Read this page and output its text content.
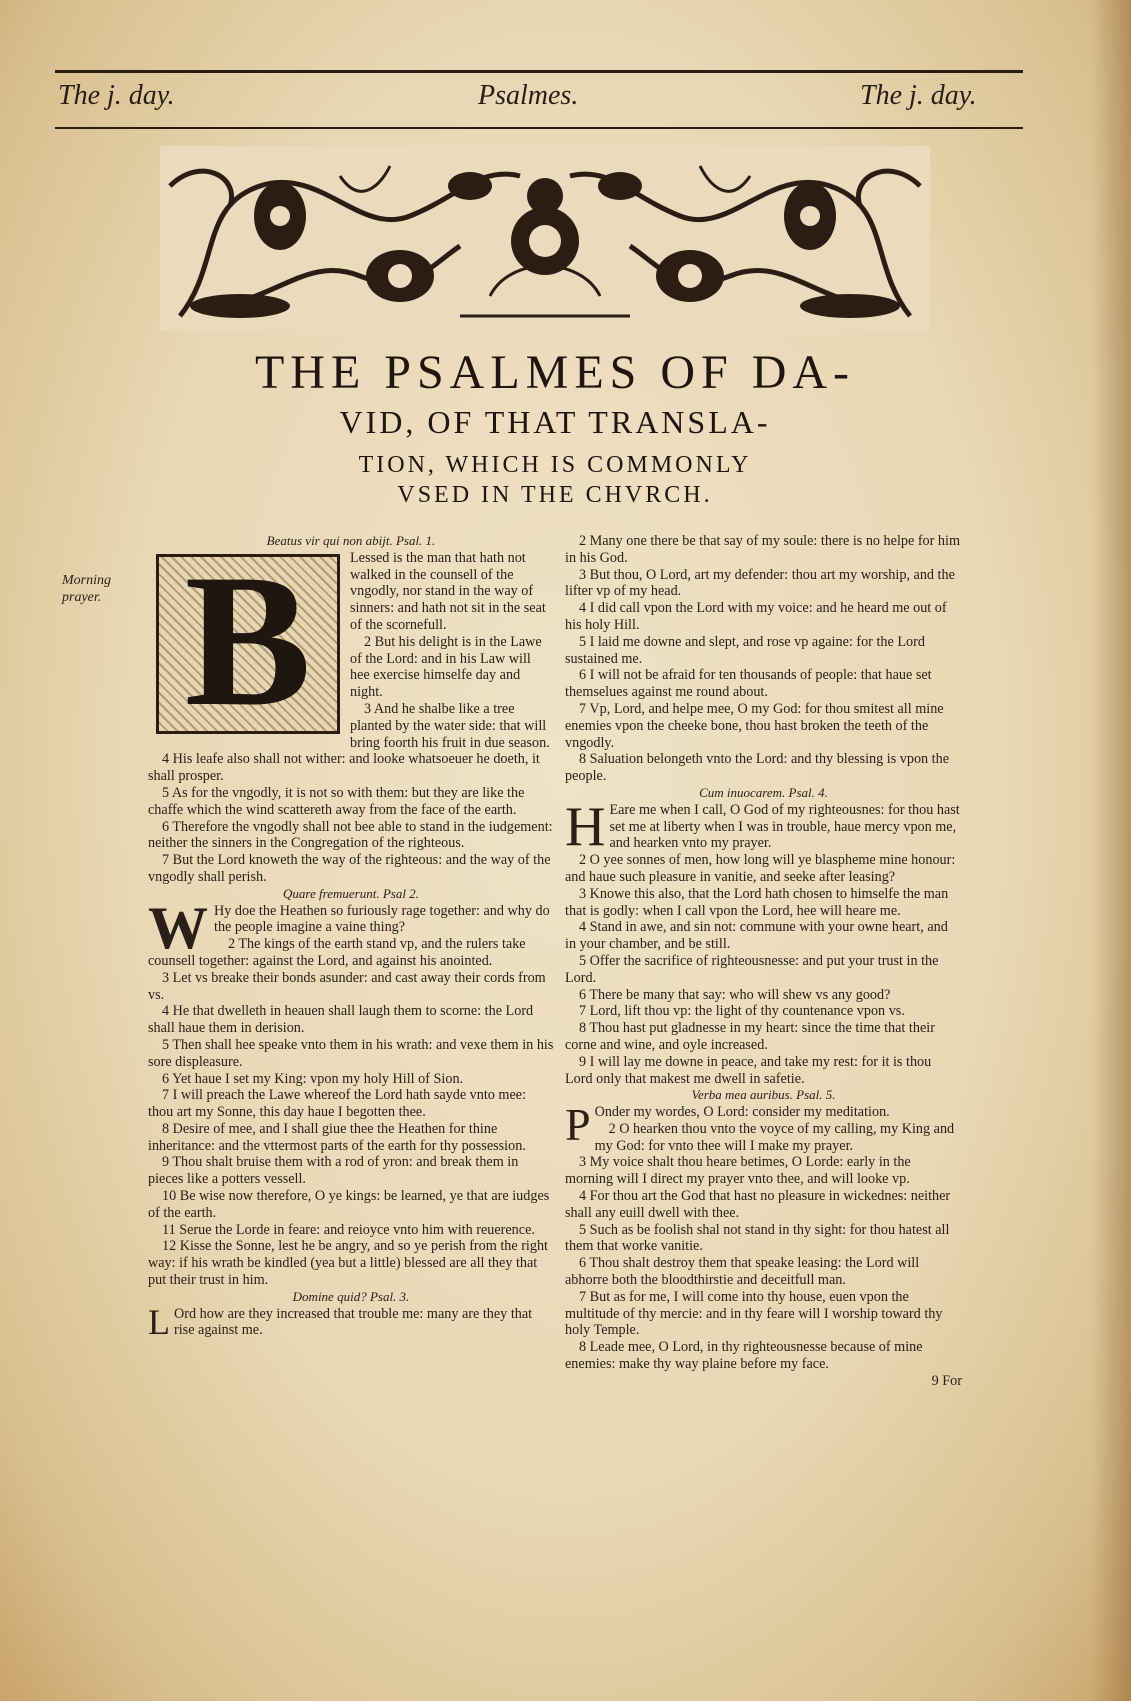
The j. day.	Psalmes.	The j. day.
THE PSALMES OF DA-
VID, OF THAT TRANSLA-
TION, WHICH IS COMMONLY
VSED IN THE CHVRCH.
Morning prayer.

Beatus vir qui non abijt. Psal. 1.

B	Lessed is the man that hath not walked in the counsell of the vngodly, nor stand in the way of sinners: and hath not sit in the seat of the scornefull.

2 But his delight is in the Lawe of the Lord: and in his Law will hee exercise himselfe day and night.

3 And he shalbe like a tree planted by the water side: that will bring foorth his fruit in due season.

4 His leafe also shall not wither: and looke whatsoeuer he doeth, it shall prosper.

5 As for the vngodly, it is not so with them: but they are like the chaffe which the wind scattereth away from the face of the earth.

6 Therefore the vngodly shall not bee able to stand in the iudgement: neither the sinners in the Congregation of the righteous.

7 But the Lord knoweth the way of the righteous: and the way of the vngodly shall perish.

Quare fremuerunt. Psal 2.

W Hy doe the Heathen so furiously rage together: and why do the people imagine a vaine thing?

2 The kings of the earth stand vp, and the rulers take counsell together: against the Lord, and against his anointed.

3 Let vs breake their bonds asunder: and cast away their cords from vs.

4 He that dwelleth in heauen shall laugh them to scorne: the Lord shall haue them in derision.

5 Then shall hee speake vnto them in his wrath: and vexe them in his sore displeasure.

6 Yet haue I set my King: vpon my holy Hill of Sion.

7 I will preach the Lawe whereof the Lord hath sayde vnto mee: thou art my Sonne, this day haue I begotten thee.

8 Desire of mee, and I shall giue thee the Heathen for thine inheritance: and the vttermost parts of the earth for thy possession.

9 Thou shalt bruise them with a rod of yron: and break them in pieces like a potters vessell.

10 Be wise now therefore, O ye kings: be learned, ye that are iudges of the earth.

11 Serue the Lorde in feare: and reioyce vnto him with reuerence.

12 Kisse the Sonne, lest he be angry, and so ye perish from the right way: if his wrath be kindled (yea but a little) blessed are all they that put their trust in him.

Domine quid? Psal. 3.

L Ord how are they increased that trouble me: many are they that rise against me.

2 Many one there be that say of my soule: there is no helpe for him in his God.

3 But thou, O Lord, art my defender: thou art my worship, and the lifter vp of my head.

4 I did call vpon the Lord with my voice: and he heard me out of his holy Hill.

5 I laid me downe and slept, and rose vp againe: for the Lord sustained me.

6 I will not be afraid for ten thousands of people: that haue set themselues against me round about.

7 Vp, Lord, and helpe mee, O my God: for thou smitest all mine enemies vpon the cheeke bone, thou hast broken the teeth of the vngodly.

8 Saluation belongeth vnto the Lord: and thy blessing is vpon the people.

Cum inuocarem. Psal. 4.

H Eare me when I call, O God of my righteousnes: for thou hast set me at liberty when I was in trouble, haue mercy vpon me, and hearken vnto my prayer.

2 O yee sonnes of men, how long will ye blaspheme mine honour: and haue such pleasure in vanitie, and seeke after leasing?

3 Knowe this also, that the Lord hath chosen to himselfe the man that is godly: when I call vpon the Lord, hee will heare me.

4 Stand in awe, and sin not: commune with your owne heart, and in your chamber, and be still.

5 Offer the sacrifice of righteousnesse: and put your trust in the Lord.

6 There be many that say: who will shew vs any good?

7 Lord, lift thou vp: the light of thy countenance vpon vs.

8 Thou hast put gladnesse in my heart: since the time that their corne and wine, and oyle increased.

9 I will lay me downe in peace, and take my rest: for it is thou Lord only that makest me dwell in safetie.

Verba mea auribus. Psal. 5.

P Onder my wordes, O Lord: consider my meditation.

2 O hearken thou vnto the voyce of my calling, my King and my God: for vnto thee will I make my prayer.

3 My voice shalt thou heare betimes, O Lorde: early in the morning will I direct my prayer vnto thee, and will looke vp.

4 For thou art the God that hast no pleasure in wickednes: neither shall any euill dwell with thee.

5 Such as be foolish shal not stand in thy sight: for thou hatest all them that worke vanitie.

6 Thou shalt destroy them that speake leasing: the Lord will abhorre both the bloodthirstie and deceitfull man.

7 But as for me, I will come into thy house, euen vpon the multitude of thy mercie: and in thy feare will I worship toward thy holy Temple.

8 Leade mee, O Lord, in thy righteousnesse because of mine enemies: make thy way plaine before my face.

9 For
